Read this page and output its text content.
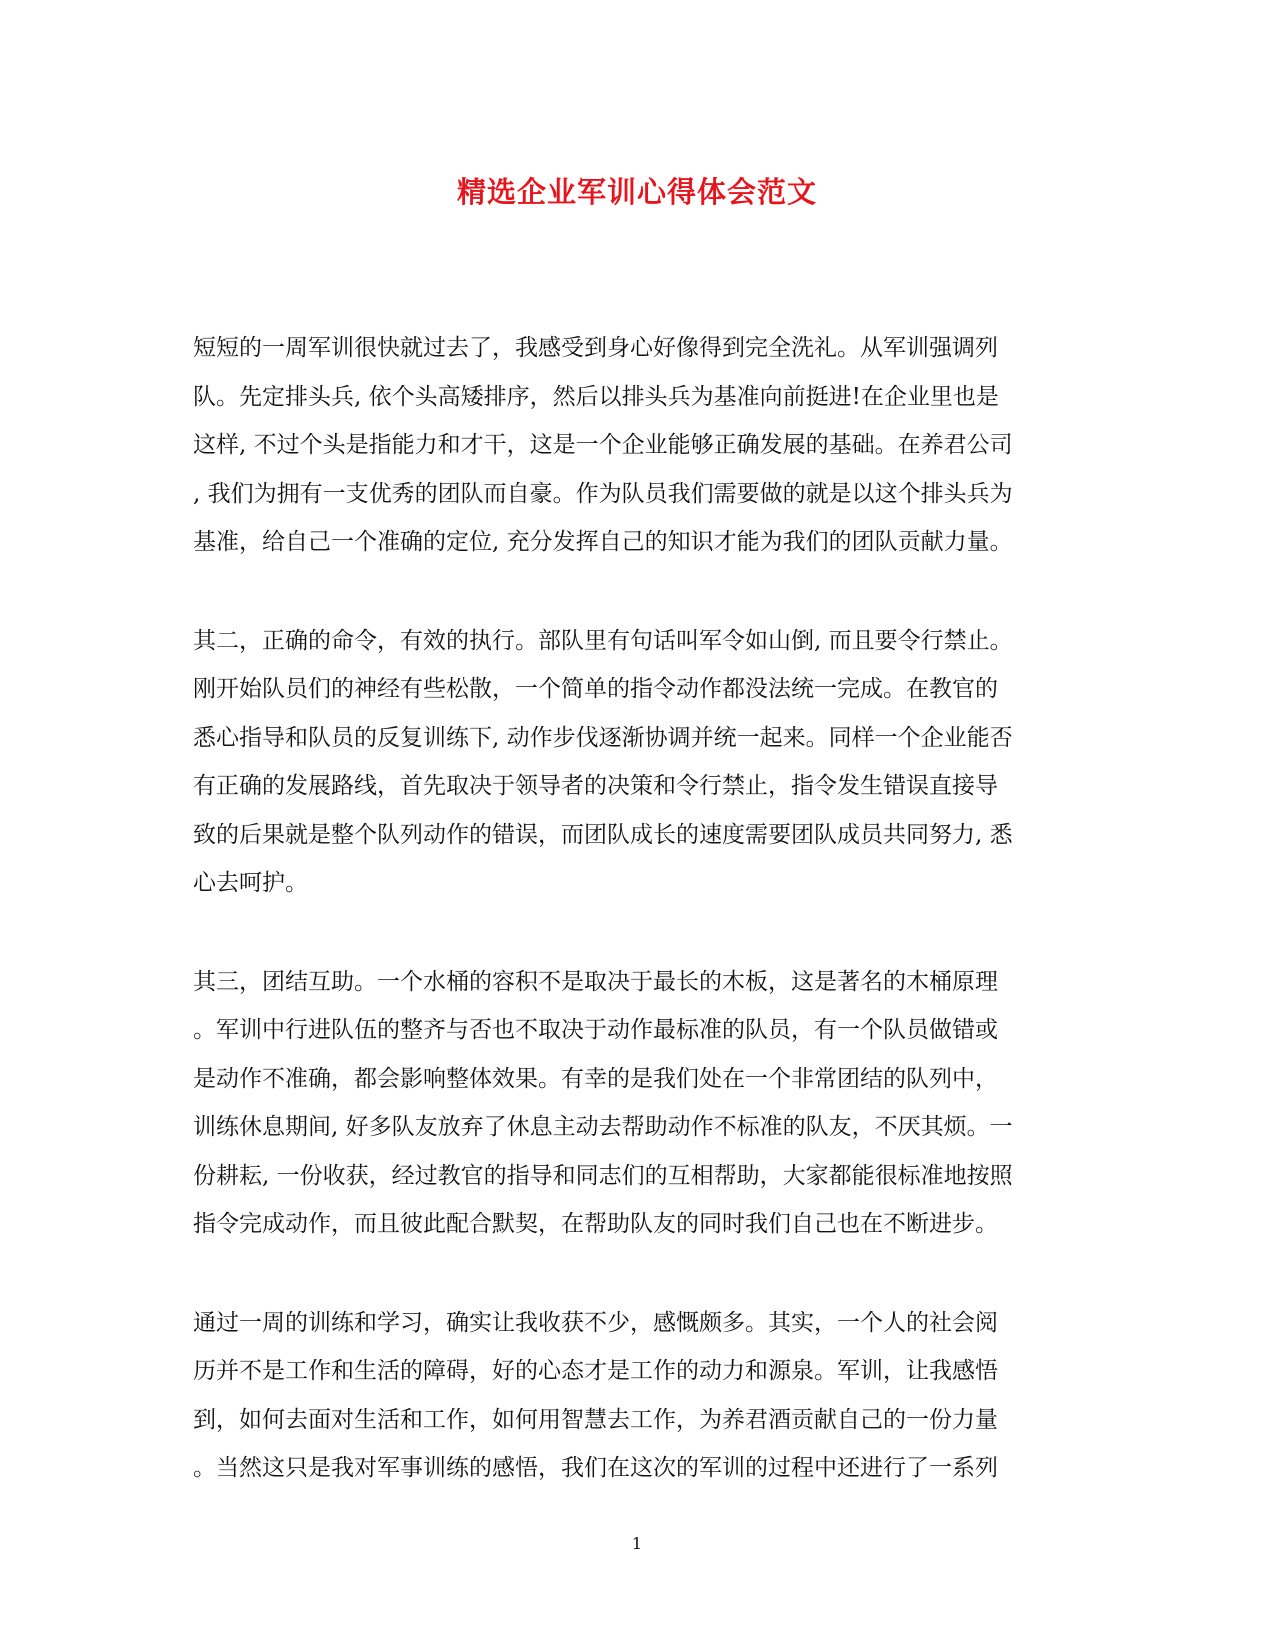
精选企业军训心得体会范文

短短的一周军训很快就过去了，我感受到身心好像得到完全洗礼。从军训强调列
队。先定排头兵, 依个头高矮排序，然后以排头兵为基准向前挺进!在企业里也是
这样, 不过个头是指能力和才干，这是一个企业能够正确发展的基础。在养君公司
, 我们为拥有一支优秀的团队而自豪。作为队员我们需要做的就是以这个排头兵为
基准，给自己一个准确的定位, 充分发挥自己的知识才能为我们的团队贡献力量。

其二，正确的命令，有效的执行。部队里有句话叫军令如山倒, 而且要令行禁止。
刚开始队员们的神经有些松散，一个简单的指令动作都没法统一完成。在教官的
悉心指导和队员的反复训练下, 动作步伐逐渐协调并统一起来。同样一个企业能否
有正确的发展路线，首先取决于领导者的决策和令行禁止，指令发生错误直接导
致的后果就是整个队列动作的错误，而团队成长的速度需要团队成员共同努力, 悉
心去呵护。

其三，团结互助。一个水桶的容积不是取决于最长的木板，这是著名的木桶原理
。军训中行进队伍的整齐与否也不取决于动作最标准的队员，有一个队员做错或
是动作不准确，都会影响整体效果。有幸的是我们处在一个非常团结的队列中，
训练休息期间, 好多队友放弃了休息主动去帮助动作不标准的队友，不厌其烦。一
份耕耘, 一份收获，经过教官的指导和同志们的互相帮助，大家都能很标准地按照
指令完成动作，而且彼此配合默契，在帮助队友的同时我们自己也在不断进步。

通过一周的训练和学习，确实让我收获不少，感慨颇多。其实，一个人的社会阅
历并不是工作和生活的障碍，好的心态才是工作的动力和源泉。军训，让我感悟
到，如何去面对生活和工作，如何用智慧去工作，为养君酒贡献自己的一份力量
。当然这只是我对军事训练的感悟，我们在这次的军训的过程中还进行了一系列

1
